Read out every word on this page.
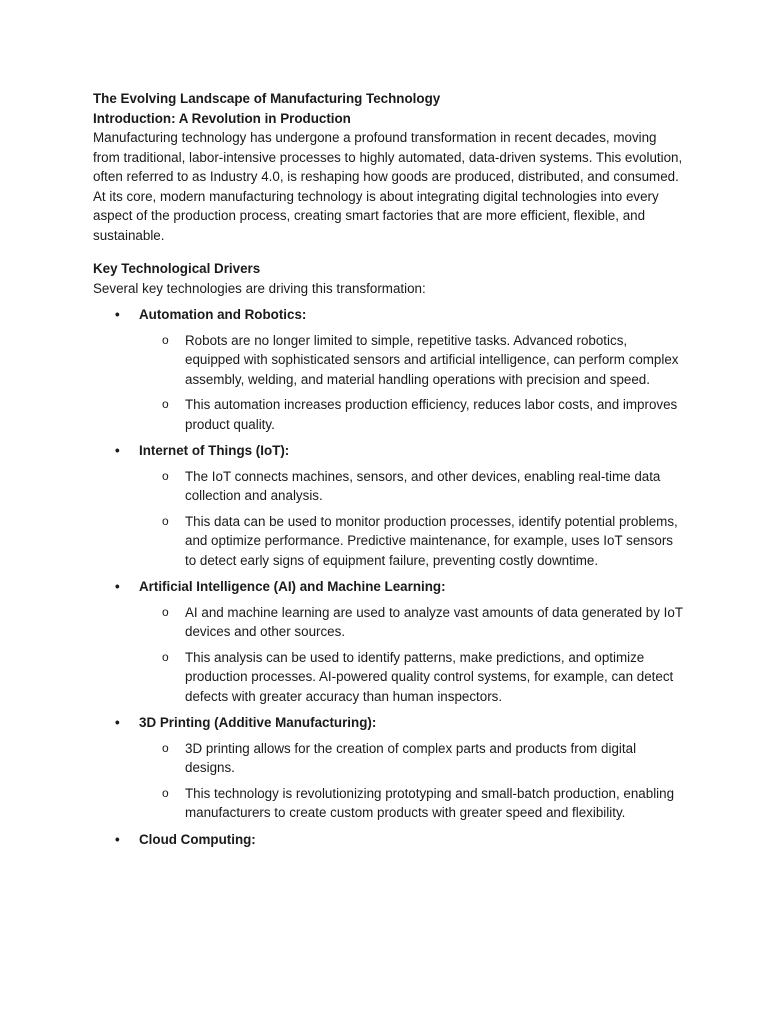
The Evolving Landscape of Manufacturing Technology

Introduction: A Revolution in Production

Manufacturing technology has undergone a profound transformation in recent decades, moving from traditional, labor-intensive processes to highly automated, data-driven systems. This evolution, often referred to as Industry 4.0, is reshaping how goods are produced, distributed, and consumed. At its core, modern manufacturing technology is about integrating digital technologies into every aspect of the production process, creating smart factories that are more efficient, flexible, and sustainable.

Key Technological Drivers

Several key technologies are driving this transformation:

• Automation and Robotics:
o Robots are no longer limited to simple, repetitive tasks. Advanced robotics, equipped with sophisticated sensors and artificial intelligence, can perform complex assembly, welding, and material handling operations with precision and speed.
o This automation increases production efficiency, reduces labor costs, and improves product quality.
• Internet of Things (IoT):
o The IoT connects machines, sensors, and other devices, enabling real-time data collection and analysis.
o This data can be used to monitor production processes, identify potential problems, and optimize performance. Predictive maintenance, for example, uses IoT sensors to detect early signs of equipment failure, preventing costly downtime.
• Artificial Intelligence (AI) and Machine Learning:
o AI and machine learning are used to analyze vast amounts of data generated by IoT devices and other sources.
o This analysis can be used to identify patterns, make predictions, and optimize production processes. AI-powered quality control systems, for example, can detect defects with greater accuracy than human inspectors.
• 3D Printing (Additive Manufacturing):
o 3D printing allows for the creation of complex parts and products from digital designs.
o This technology is revolutionizing prototyping and small-batch production, enabling manufacturers to create custom products with greater speed and flexibility.
• Cloud Computing:
